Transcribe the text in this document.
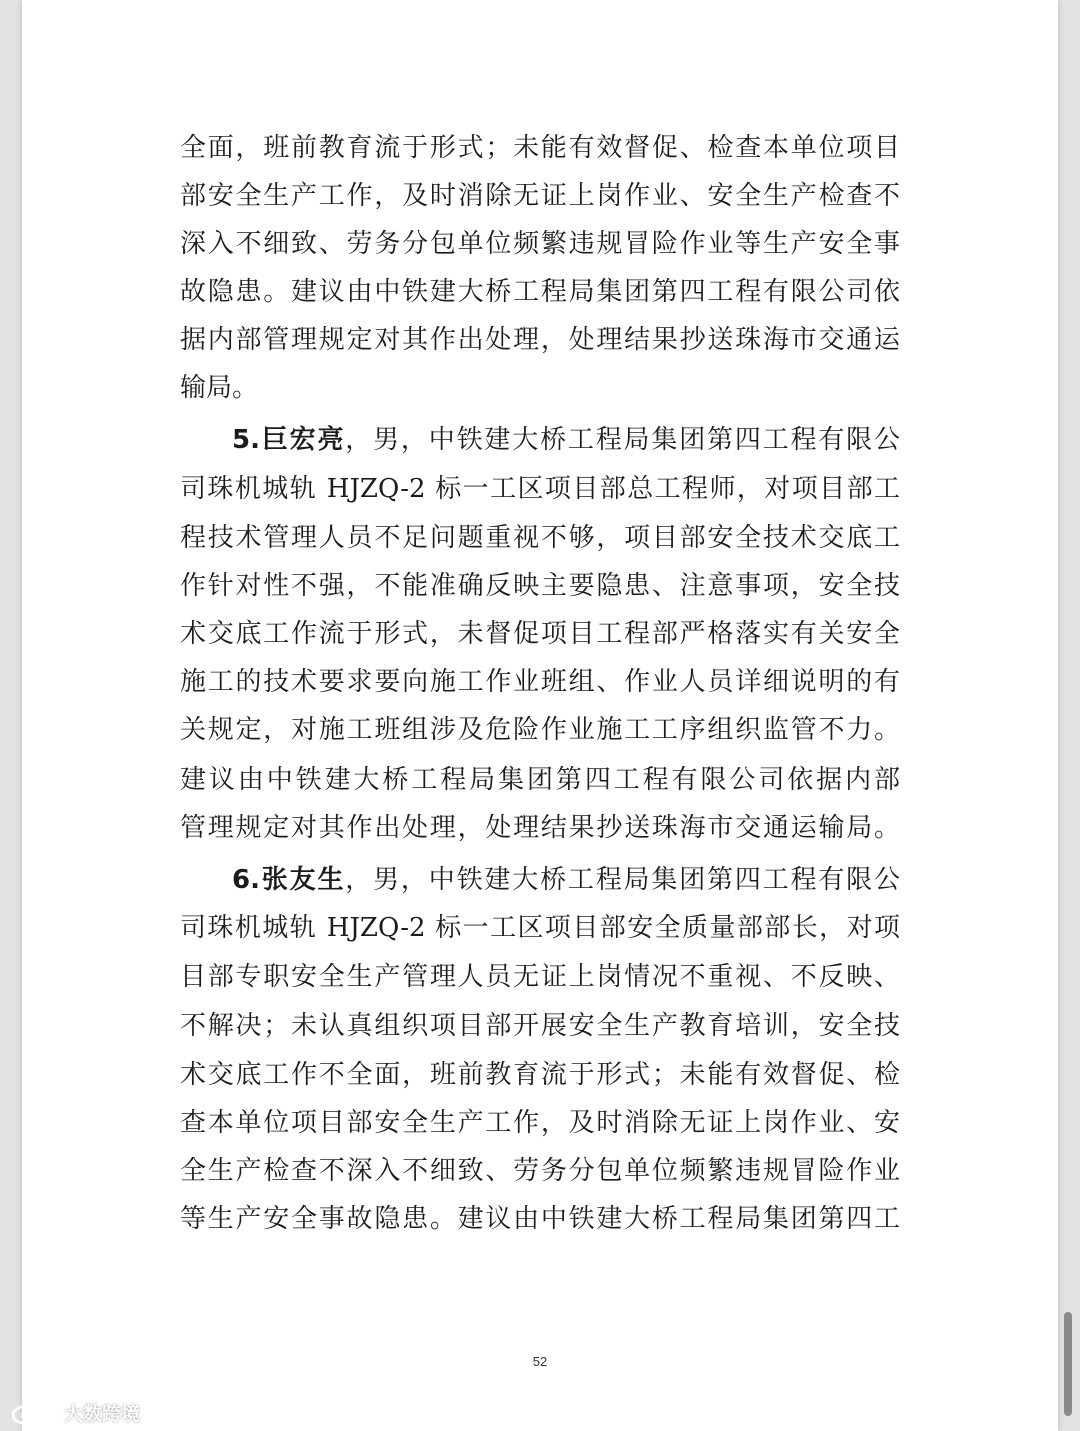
全面，班前教育流于形式；未能有效督促、检查本单位项目
部安全生产工作，及时消除无证上岗作业、安全生产检查不
深入不细致、劳务分包单位频繁违规冒险作业等生产安全事
故隐患。建议由中铁建大桥工程局集团第四工程有限公司依
据内部管理规定对其作出处理，处理结果抄送珠海市交通运
输局。
5.巨宏亮，男，中铁建大桥工程局集团第四工程有限公
司珠机城轨 HJZQ-2 标一工区项目部总工程师，对项目部工
程技术管理人员不足问题重视不够，项目部安全技术交底工
作针对性不强，不能准确反映主要隐患、注意事项，安全技
术交底工作流于形式，未督促项目工程部严格落实有关安全
施工的技术要求要向施工作业班组、作业人员详细说明的有
关规定，对施工班组涉及危险作业施工工序组织监管不力。
建议由中铁建大桥工程局集团第四工程有限公司依据内部
管理规定对其作出处理，处理结果抄送珠海市交通运输局。
6.张友生，男，中铁建大桥工程局集团第四工程有限公
司珠机城轨 HJZQ-2 标一工区项目部安全质量部部长，对项
目部专职安全生产管理人员无证上岗情况不重视、不反映、
不解决；未认真组织项目部开展安全生产教育培训，安全技
术交底工作不全面，班前教育流于形式；未能有效督促、检
查本单位项目部安全生产工作，及时消除无证上岗作业、安
全生产检查不深入不细致、劳务分包单位频繁违规冒险作业
等生产安全事故隐患。建议由中铁建大桥工程局集团第四工
52
大数跨境
